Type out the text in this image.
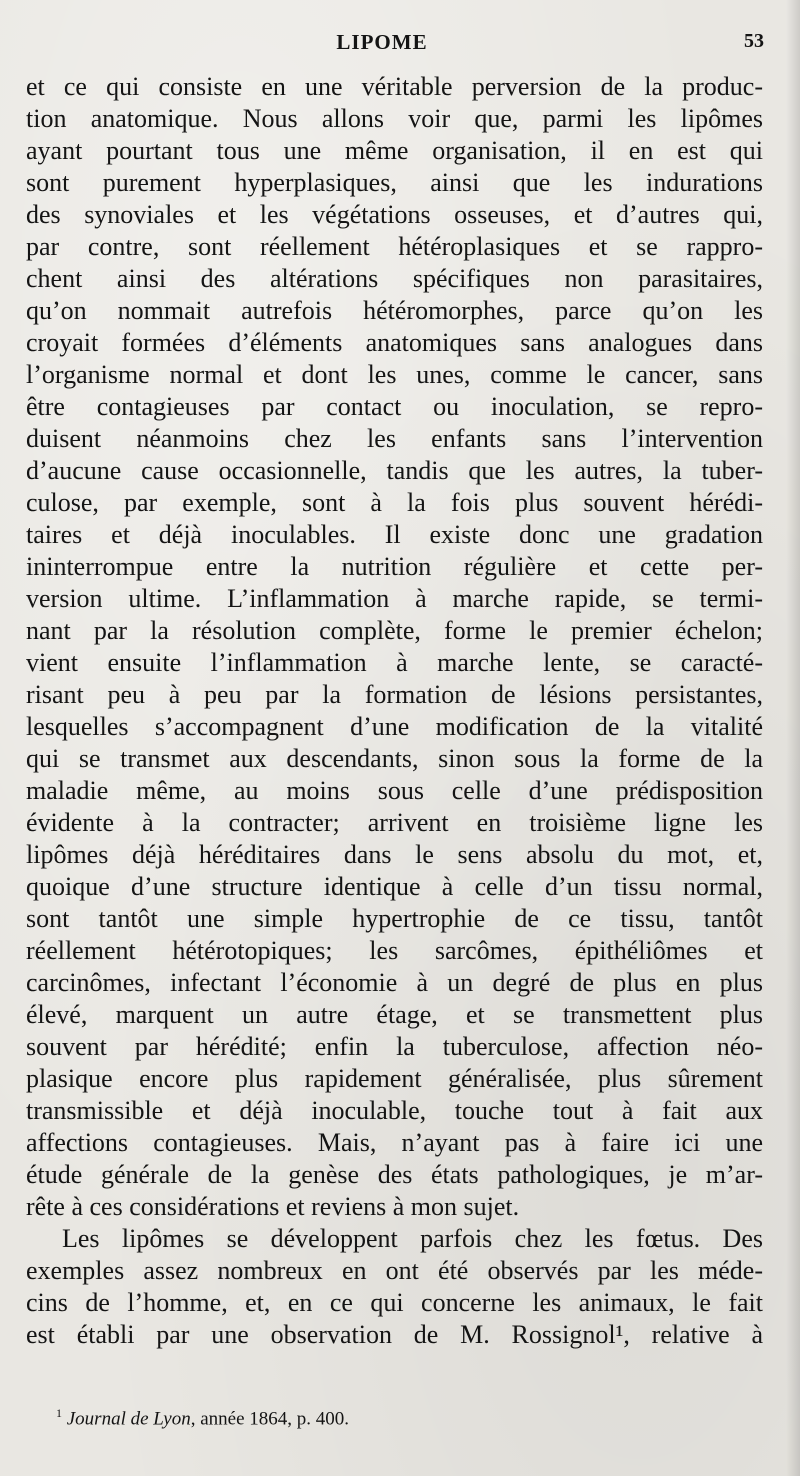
LIPOME	53
et ce qui consiste en une véritable perversion de la produc-
tion anatomique. Nous allons voir que, parmi les lipômes
ayant pourtant tous une même organisation, il en est qui
sont purement hyperplasiques, ainsi que les indurations
des synoviales et les végétations osseuses, et d’autres qui,
par contre, sont réellement hétéroplasiques et se rappro-
chent ainsi des altérations spécifiques non parasitaires,
qu’on nommait autrefois hétéromorphes, parce qu’on les
croyait formées d’éléments anatomiques sans analogues dans
l’organisme normal et dont les unes, comme le cancer, sans
être contagieuses par contact ou inoculation, se repro-
duisent néanmoins chez les enfants sans l’intervention
d’aucune cause occasionnelle, tandis que les autres, la tuber-
culose, par exemple, sont à la fois plus souvent hérédi-
taires et déjà inoculables. Il existe donc une gradation
ininterrompue entre la nutrition régulière et cette per-
version ultime. L’inflammation à marche rapide, se termi-
nant par la résolution complète, forme le premier échelon;
vient ensuite l’inflammation à marche lente, se caracté-
risant peu à peu par la formation de lésions persistantes,
lesquelles s’accompagnent d’une modification de la vitalité
qui se transmet aux descendants, sinon sous la forme de la
maladie même, au moins sous celle d’une prédisposition
évidente à la contracter; arrivent en troisième ligne les
lipômes déjà héréditaires dans le sens absolu du mot, et,
quoique d’une structure identique à celle d’un tissu normal,
sont tantôt une simple hypertrophie de ce tissu, tantôt
réellement hétérotopiques; les sarcômes, épithéliômes et
carcinômes, infectant l’économie à un degré de plus en plus
élevé, marquent un autre étage, et se transmettent plus
souvent par hérédité; enfin la tuberculose, affection néo-
plasique encore plus rapidement généralisée, plus sûrement
transmissible et déjà inoculable, touche tout à fait aux
affections contagieuses. Mais, n’ayant pas à faire ici une
étude générale de la genèse des états pathologiques, je m’ar-
rête à ces considérations et reviens à mon sujet.
Les lipômes se développent parfois chez les fœtus. Des
exemples assez nombreux en ont été observés par les méde-
cins de l’homme, et, en ce qui concerne les animaux, le fait
est établi par une observation de M. Rossignol¹, relative à
$^1$ Journal de Lyon, année 1864, p. 400.
